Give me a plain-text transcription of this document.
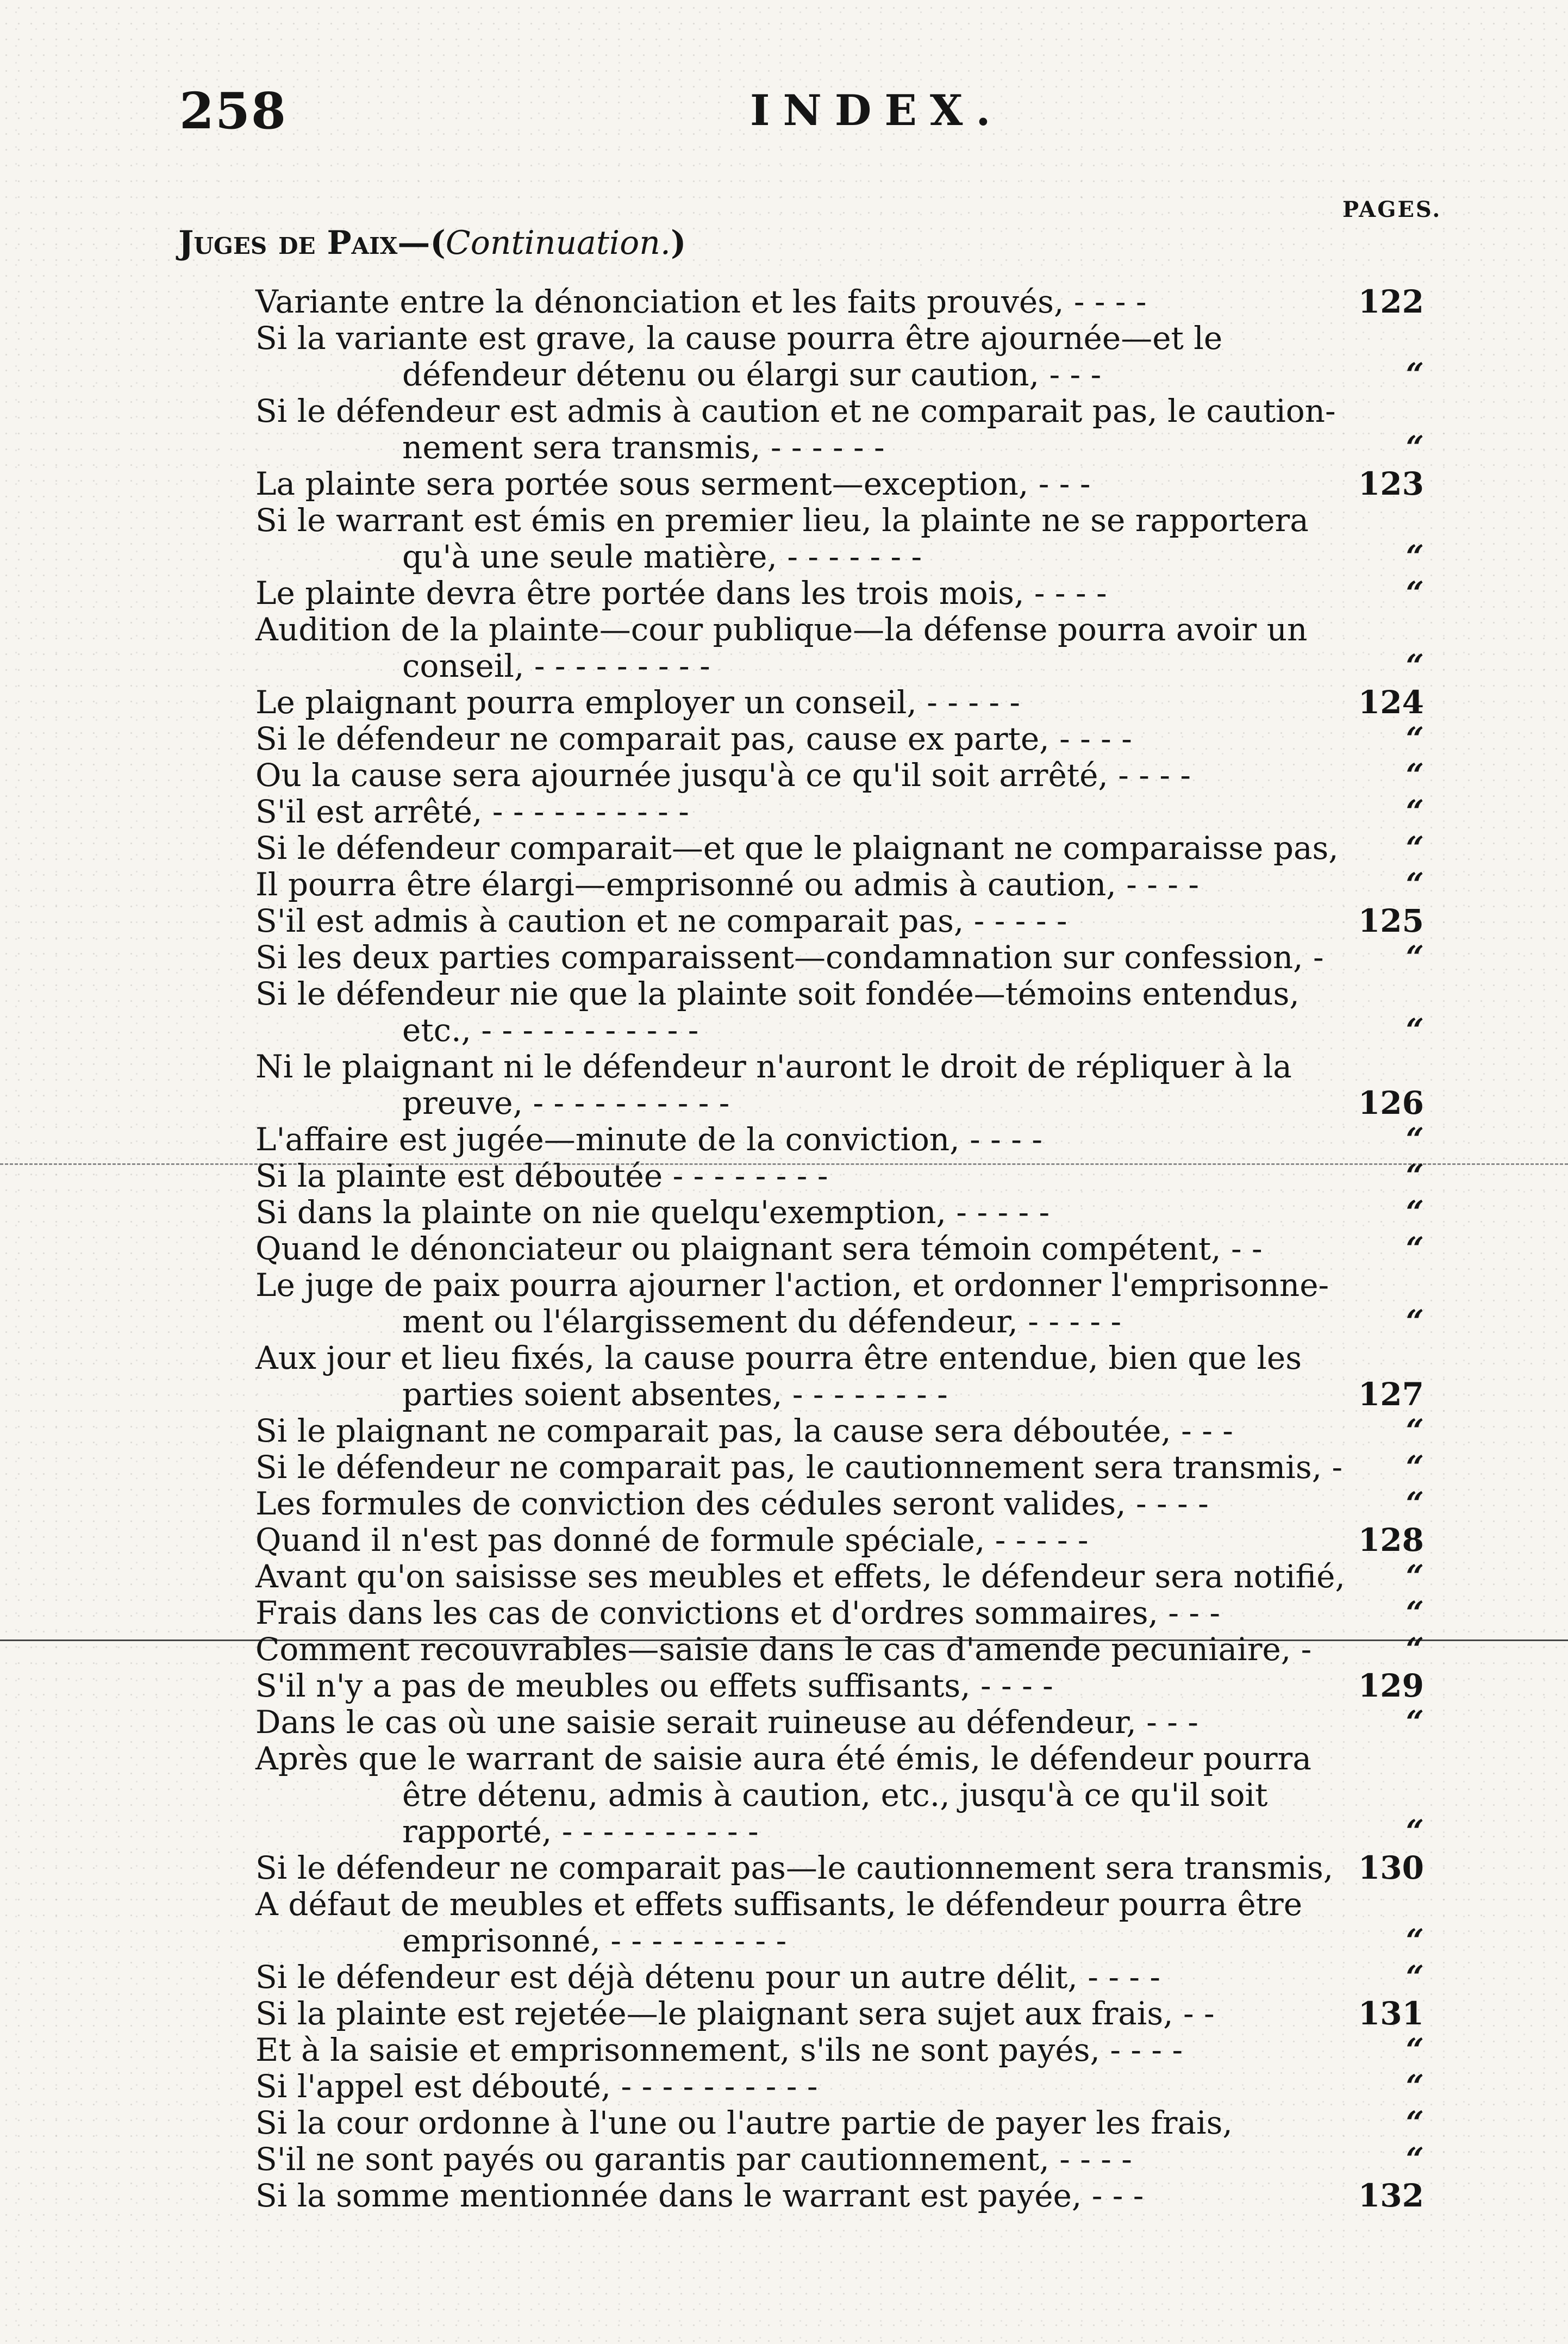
258	INDEX.
PAGES.
Juges de Paix—(Continuation.)
Variante entre la dénonciation et les faits prouvés, - - - -	122
Si la variante est grave, la cause pourra être ajournée—et le
défendeur détenu ou élargi sur caution, - - -	“
Si le défendeur est admis à caution et ne comparait pas, le caution-
nement sera transmis, - - - - - -	“
La plainte sera portée sous serment—exception, - - -	123
Si le warrant est émis en premier lieu, la plainte ne se rapportera
qu'à une seule matière, - - - - - - -	“
Le plainte devra être portée dans les trois mois, - - - -	“
Audition de la plainte—cour publique—la défense pourra avoir un
conseil, - - - - - - - - -	“
Le plaignant pourra employer un conseil, - - - - -	124
Si le défendeur ne comparait pas, cause ex parte, - - - -	“
Ou la cause sera ajournée jusqu'à ce qu'il soit arrêté, - - - -	“
S'il est arrêté, - - - - - - - - - -	“
Si le défendeur comparait—et que le plaignant ne comparaisse pas,	“
Il pourra être élargi—emprisonné ou admis à caution, - - - -	“
S'il est admis à caution et ne comparait pas, - - - - -	125
Si les deux parties comparaissent—condamnation sur confession, -	“
Si le défendeur nie que la plainte soit fondée—témoins entendus,
etc., - - - - - - - - - - -	“
Ni le plaignant ni le défendeur n'auront le droit de répliquer à la
preuve, - - - - - - - - - -	126
L'affaire est jugée—minute de la conviction, - - - -	“
Si la plainte est déboutée - - - - - - - -	“
Si dans la plainte on nie quelqu'exemption, - - - - -	“
Quand le dénonciateur ou plaignant sera témoin compétent, - -	“
Le juge de paix pourra ajourner l'action, et ordonner l'emprisonne-
ment ou l'élargissement du défendeur, - - - - -	“
Aux jour et lieu fixés, la cause pourra être entendue, bien que les
parties soient absentes, - - - - - - - -	127
Si le plaignant ne comparait pas, la cause sera déboutée, - - -	“
Si le défendeur ne comparait pas, le cautionnement sera transmis, -	“
Les formules de conviction des cédules seront valides, - - - -	“
Quand il n'est pas donné de formule spéciale, - - - - -	128
Avant qu'on saisisse ses meubles et effets, le défendeur sera notifié,	“
Frais dans les cas de convictions et d'ordres sommaires, - - -	“
Comment recouvrables—saisie dans le cas d'amende pecuniaire, -	“
S'il n'y a pas de meubles ou effets suffisants, - - - -	129
Dans le cas où une saisie serait ruineuse au défendeur, - - -	“
Après que le warrant de saisie aura été émis, le défendeur pourra
être détenu, admis à caution, etc., jusqu'à ce qu'il soit
rapporté, - - - - - - - - - -	“
Si le défendeur ne comparait pas—le cautionnement sera transmis, 130
A défaut de meubles et effets suffisants, le défendeur pourra être
emprisonné, - - - - - - - - -	“
Si le défendeur est déjà détenu pour un autre délit, - - - -	“
Si la plainte est rejetée—le plaignant sera sujet aux frais, - -	131
Et à la saisie et emprisonnement, s'ils ne sont payés, - - - -	“
Si l'appel est débouté, - - - - - - - - - -	“
Si la cour ordonne à l'une ou l'autre partie de payer les frais,	“
S'il ne sont payés ou garantis par cautionnement, - - - -	“
Si la somme mentionnée dans le warrant est payée, - - -	132
